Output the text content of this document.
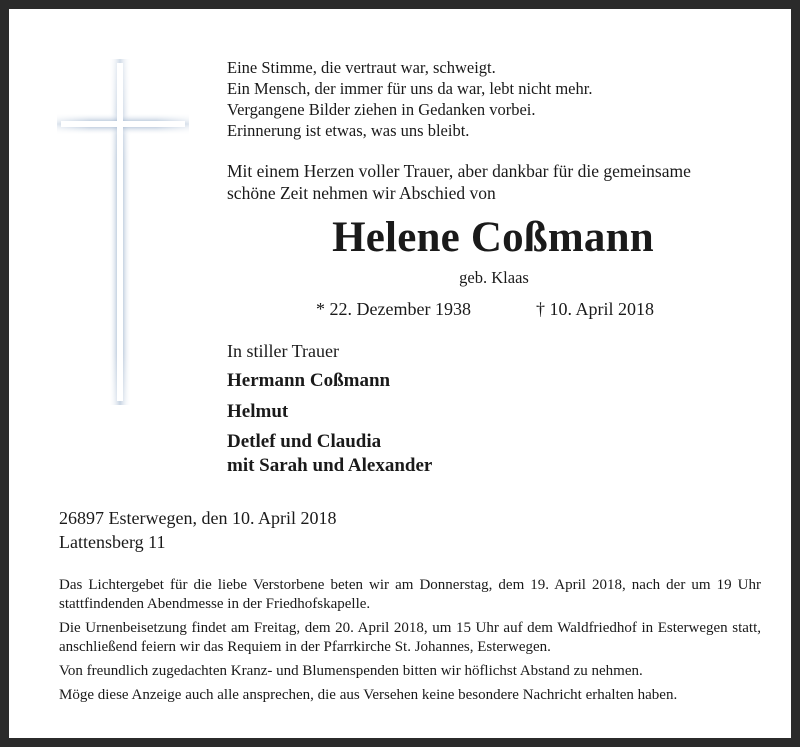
Eine Stimme, die vertraut war, schweigt.
Ein Mensch, der immer für uns da war, lebt nicht mehr.
Vergangene Bilder ziehen in Gedanken vorbei.
Erinnerung ist etwas, was uns bleibt.
Mit einem Herzen voller Trauer, aber dankbar für die gemeinsame
schöne Zeit nehmen wir Abschied von
Helene Coßmann
geb. Klaas
* 22. Dezember 1938	† 10. April 2018
In stiller Trauer
Hermann Coßmann
Helmut
Detlef und Claudia
mit Sarah und Alexander
26897 Esterwegen, den 10. April 2018
Lattensberg 11

Das Lichtergebet für die liebe Verstorbene beten wir am Donnerstag, dem 19. April 2018, nach der um 19 Uhr stattfindenden Abendmesse in der Friedhofskapelle.

Die Urnenbeisetzung findet am Freitag, dem 20. April 2018, um 15 Uhr auf dem Waldfriedhof in Esterwegen statt, anschließend feiern wir das Requiem in der Pfarrkirche St. Johannes, Esterwegen.

Von freundlich zugedachten Kranz- und Blumenspenden bitten wir höflichst Abstand zu nehmen.

Möge diese Anzeige auch alle ansprechen, die aus Versehen keine besondere Nachricht erhalten haben.
